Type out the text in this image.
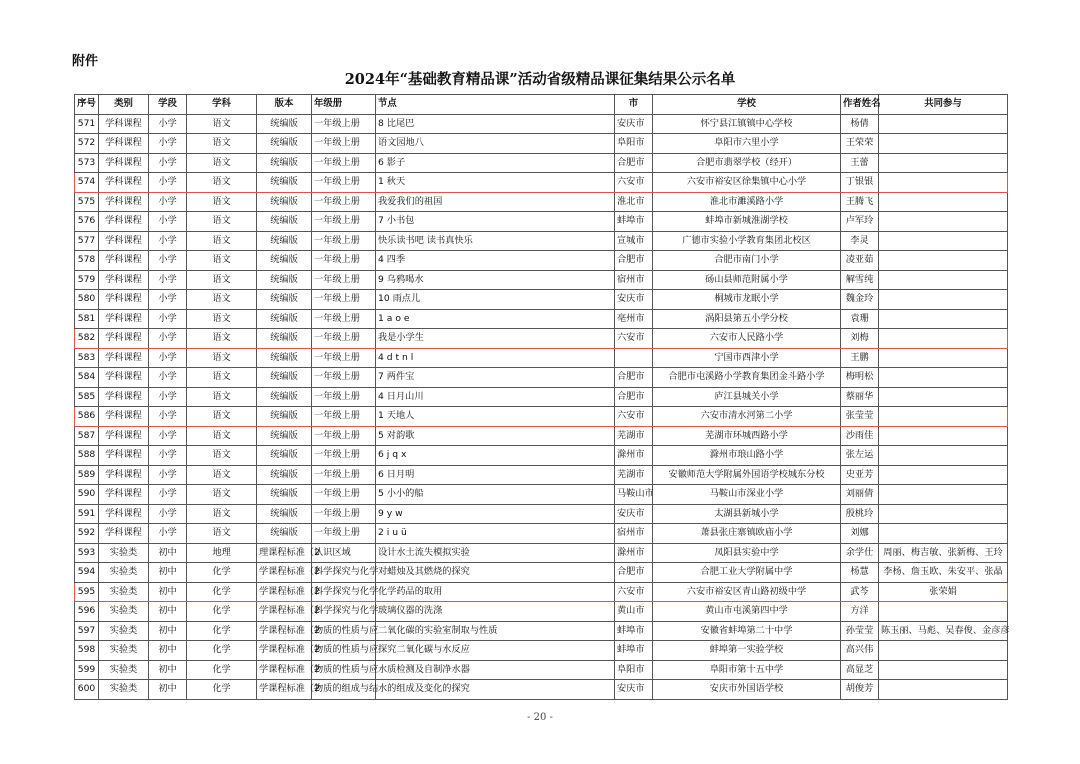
附件
2024年“基础教育精品课”活动省级精品课征集结果公示名单
序号	类别	学段	学科	版本	年级册	节点	市	学校	作者姓名	共同参与
571	学科课程	小学	语文	统编版	一年级上册	8 比尾巴	安庆市	怀宁县江镇镇中心学校	杨倩	
572	学科课程	小学	语文	统编版	一年级上册	语文园地八	阜阳市	阜阳市六里小学	王荣荣	
573	学科课程	小学	语文	统编版	一年级上册	6 影子	合肥市	合肥市翡翠学校（经开）	王蕾	
574	学科课程	小学	语文	统编版	一年级上册	1 秋天	六安市	六安市裕安区徐集镇中心小学	丁银银	
575	学科课程	小学	语文	统编版	一年级上册	我爱我们的祖国	淮北市	淮北市濉溪路小学	王腾飞	
576	学科课程	小学	语文	统编版	一年级上册	7 小书包	蚌埠市	蚌埠市新城淮湖学校	卢军玲	
577	学科课程	小学	语文	统编版	一年级上册	快乐读书吧 读书真快乐	宣城市	广德市实验小学教育集团北校区	李灵	
578	学科课程	小学	语文	统编版	一年级上册	4 四季	合肥市	合肥市南门小学	凌亚茹	
579	学科课程	小学	语文	统编版	一年级上册	9 乌鸦喝水	宿州市	砀山县师范附属小学	解雪纯	
580	学科课程	小学	语文	统编版	一年级上册	10 雨点儿	安庆市	桐城市龙眠小学	魏金玲	
581	学科课程	小学	语文	统编版	一年级上册	1 a o e	亳州市	涡阳县第五小学分校	袁珊	
582	学科课程	小学	语文	统编版	一年级上册	我是小学生	六安市	六安市人民路小学	刘梅	
583	学科课程	小学	语文	统编版	一年级上册	4 d t n l		宁国市西津小学	王鹏	
584	学科课程	小学	语文	统编版	一年级上册	7 两件宝	合肥市	合肥市屯溪路小学教育集团金斗路小学	梅明松	
585	学科课程	小学	语文	统编版	一年级上册	4 日月山川	合肥市	庐江县城关小学	蔡丽华	
586	学科课程	小学	语文	统编版	一年级上册	1 天地人	六安市	六安市清水河第二小学	张莹莹	
587	学科课程	小学	语文	统编版	一年级上册	5 对韵歌	芜湖市	芜湖市环城西路小学	沙雨佳	
588	学科课程	小学	语文	统编版	一年级上册	6 j q x	滁州市	滁州市琅山路小学	张左运	
589	学科课程	小学	语文	统编版	一年级上册	6 日月明	芜湖市	安徽师范大学附属外国语学校城东分校	史亚芳	
590	学科课程	小学	语文	统编版	一年级上册	5 小小的船	马鞍山市	马鞍山市深业小学	刘丽倩	
591	学科课程	小学	语文	统编版	一年级上册	9 y w	安庆市	太湖县新城小学	殷桃玲	
592	学科课程	小学	语文	统编版	一年级上册	2 i u ü	宿州市	萧县张庄寨镇欧庙小学	刘娜	
593	实验类	初中	地理	理课程标准（2	认识区域	设计水土流失模拟实验	滁州市	凤阳县实验中学	余学仕	周丽、梅吉敏、张新梅、王玲
594	实验类	初中	化学	学课程标准（2	科学探究与化学	对蜡烛及其燃烧的探究	合肥市	合肥工业大学附属中学	杨慧	李杨、詹玉欧、朱安平、张晶
595	实验类	初中	化学	学课程标准（2	科学探究与化学	化学药品的取用	六安市	六安市裕安区青山路初级中学	武芩	张荣娟
596	实验类	初中	化学	学课程标准（2	科学探究与化学	玻璃仪器的洗涤	黄山市	黄山市屯溪第四中学	方洋	
597	实验类	初中	化学	学课程标准（2	物质的性质与应	二氧化碳的实验室制取与性质	蚌埠市	安徽省蚌埠第二十中学	孙莹莹	陈玉丽、马彪、吴春俊、金彦彦
598	实验类	初中	化学	学课程标准（2	物质的性质与应	探究二氧化碳与水反应	蚌埠市	蚌埠第一实验学校	高兴伟	
599	实验类	初中	化学	学课程标准（2	物质的性质与应	水质检测及自制净水器	阜阳市	阜阳市第十五中学	高显芝	
600	实验类	初中	化学	学课程标准（2	物质的组成与结	水的组成及变化的探究	安庆市	安庆市外国语学校	胡俊芳	
- 20 -
